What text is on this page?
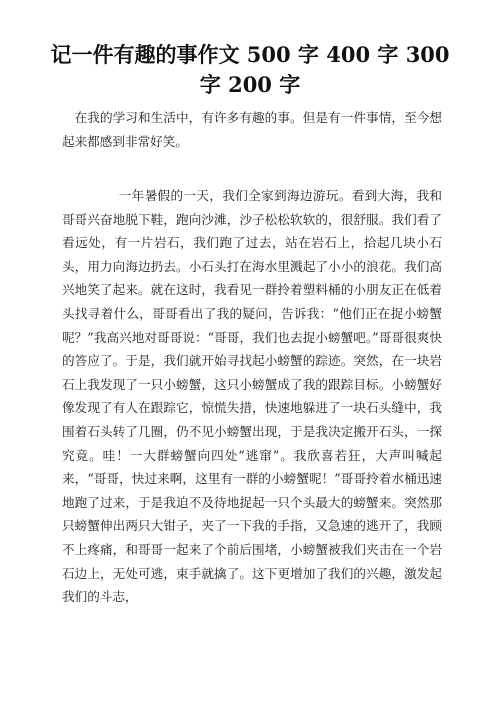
记一件有趣的事作文 500 字 400 字 300 字 200 字

在我的学习和生活中，有许多有趣的事。但是有一件事情，至今想起来都感到非常好笑。

一年暑假的一天，我们全家到海边游玩。看到大海，我和哥哥兴奋地脱下鞋，跑向沙滩，沙子松松软软的，很舒服。我们看了看远处，有一片岩石，我们跑了过去，站在岩石上，拾起几块小石头，用力向海边扔去。小石头打在海水里溅起了小小的浪花。我们高兴地笑了起来。就在这时，我看见一群拎着塑料桶的小朋友正在低着头找寻着什么，哥哥看出了我的疑问，告诉我：“他们正在捉小螃蟹呢？”我高兴地对哥哥说：“哥哥，我们也去捉小螃蟹吧。”哥哥很爽快的答应了。于是，我们就开始寻找起小螃蟹的踪迹。突然，在一块岩石上我发现了一只小螃蟹，这只小螃蟹成了我的跟踪目标。小螃蟹好像发现了有人在跟踪它，惊慌失措，快速地躲进了一块石头缝中，我围着石头转了几圈，仍不见小螃蟹出现，于是我决定搬开石头，一探究竟。哇！一大群螃蟹向四处“逃窜”。我欣喜若狂，大声叫喊起来，“哥哥，快过来啊，这里有一群的小螃蟹呢！”哥哥拎着水桶迅速地跑了过来，于是我迫不及待地捉起一只个头最大的螃蟹来。突然那只螃蟹伸出两只大钳子，夹了一下我的手指，又急速的逃开了，我顾不上疼痛，和哥哥一起来了个前后围堵，小螃蟹被我们夹击在一个岩石边上，无处可逃，束手就擒了。这下更增加了我们的兴趣，激发起我们的斗志，
